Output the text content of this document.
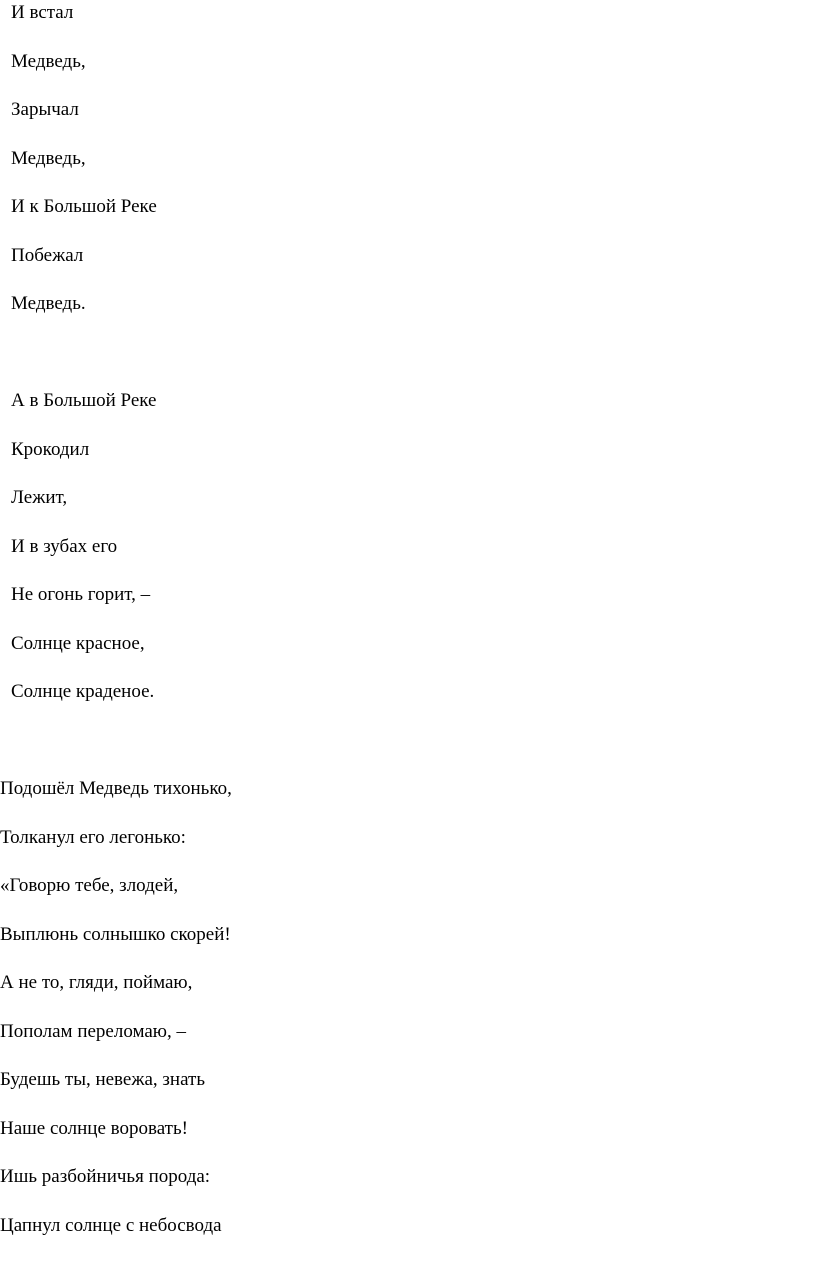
И встал
Медведь,
Зарычал
Медведь,
И к Большой Реке
Побежал
Медведь.
А в Большой Реке
Крокодил
Лежит,
И в зубах его
Не огонь горит, –
Солнце красное,
Солнце краденое.
Подошёл Медведь тихонько,
Толканул его легонько:
«Говорю тебе, злодей,
Выплюнь солнышко скорей!
А не то, гляди, поймаю,
Пополам переломаю, –
Будешь ты, невежа, знать
Наше солнце воровать!
Ишь разбойничья порода:
Цапнул солнце с небосвода
